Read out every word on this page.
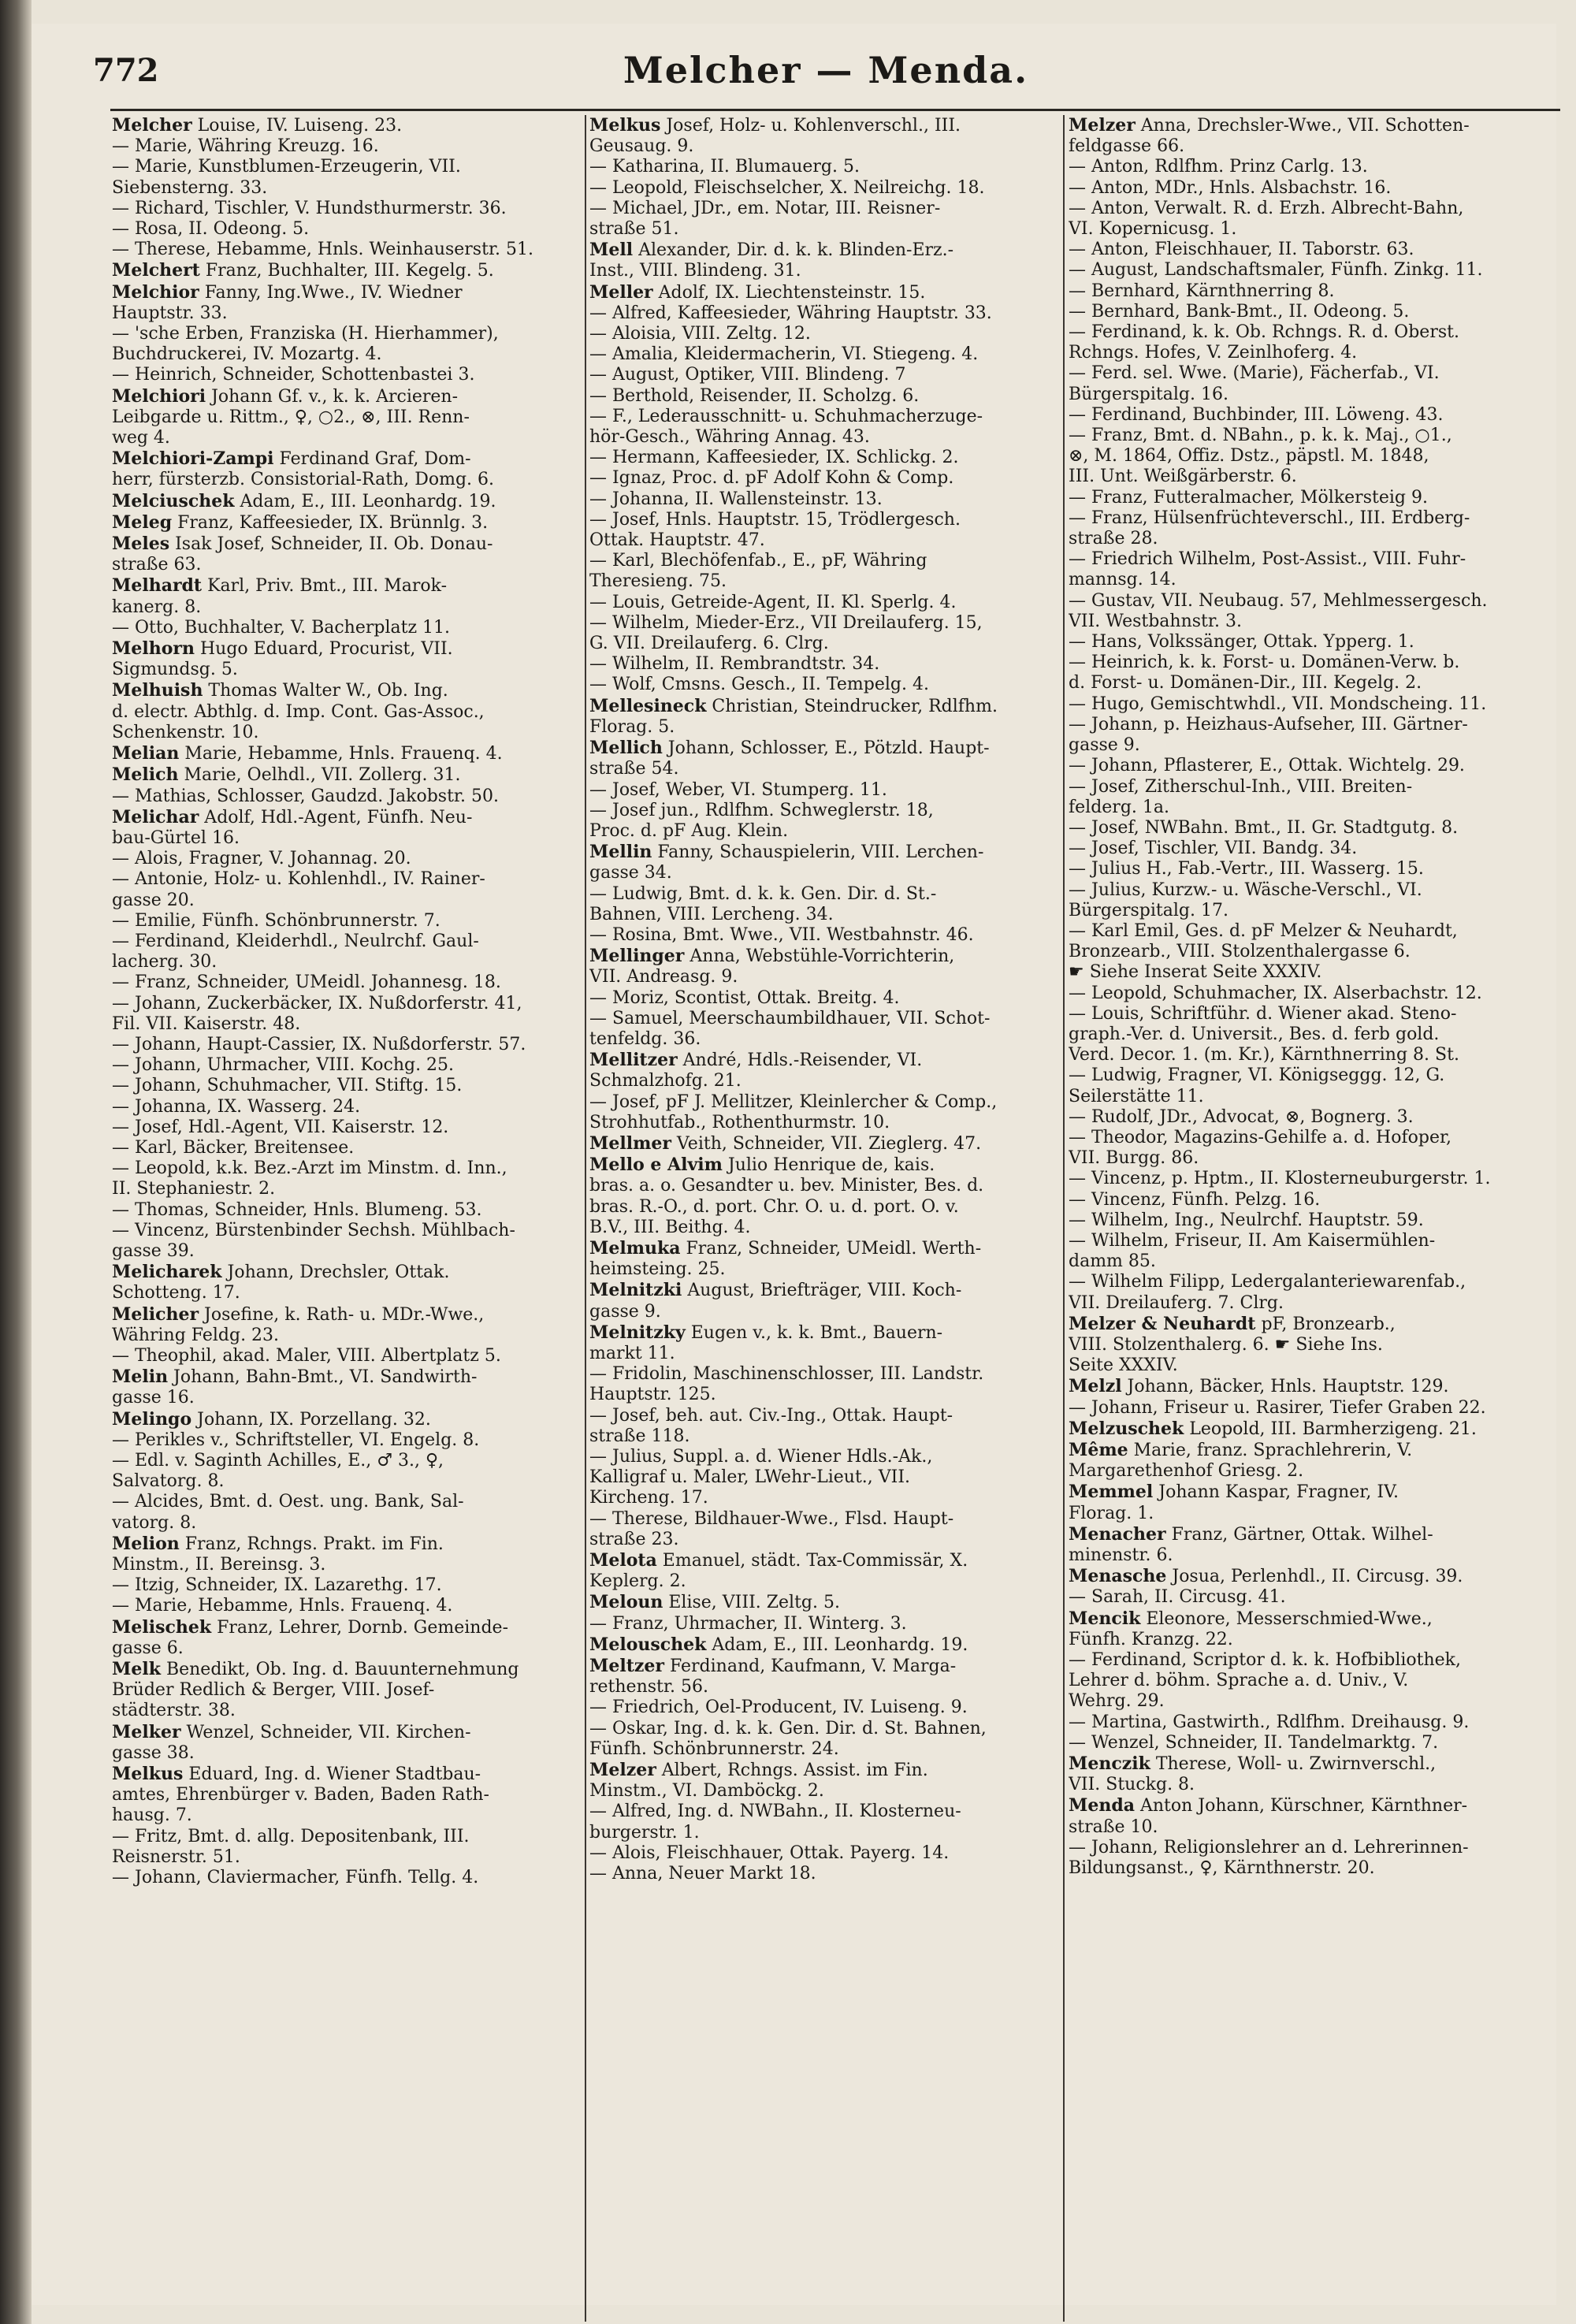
772	Melcher — Menda.
Melcher Louise, IV. Luiseng. 23.
— Marie, Währing Kreuzg. 16.
— Marie, Kunstblumen-Erzeugerin, VII.
Siebensterng. 33.
— Richard, Tischler, V. Hundsthurmerstr. 36.
— Rosa, II. Odeong. 5.
— Therese, Hebamme, Hnls. Weinhauserstr. 51.
Melchert Franz, Buchhalter, III. Kegelg. 5.
Melchior Fanny, Ing.Wwe., IV. Wiedner
Hauptstr. 33.
— 'sche Erben, Franziska (H. Hierhammer),
Buchdruckerei, IV. Mozartg. 4.
— Heinrich, Schneider, Schottenbastei 3.
Melchiori Johann Gf. v., k. k. Arcieren-
Leibgarde u. Rittm., ♀, ○2., ⊗, III. Renn-
weg 4.
Melchiori-Zampi Ferdinand Graf, Dom-
herr, fürsterzb. Consistorial-Rath, Domg. 6.
Melciuschek Adam, E., III. Leonhardg. 19.
Meleg Franz, Kaffeesieder, IX. Brünnlg. 3.
Meles Isak Josef, Schneider, II. Ob. Donau-
straße 63.
Melhardt Karl, Priv. Bmt., III. Marok-
kanerg. 8.
— Otto, Buchhalter, V. Bacherplatz 11.
Melhorn Hugo Eduard, Procurist, VII.
Sigmundsg. 5.
Melhuish Thomas Walter W., Ob. Ing.
d. electr. Abthlg. d. Imp. Cont. Gas-Assoc.,
Schenkenstr. 10.
Melian Marie, Hebamme, Hnls. Frauenq. 4.
Melich Marie, Oelhdl., VII. Zollerg. 31.
— Mathias, Schlosser, Gaudzd. Jakobstr. 50.
Melichar Adolf, Hdl.-Agent, Fünfh. Neu-
bau-Gürtel 16.
— Alois, Fragner, V. Johannag. 20.
— Antonie, Holz- u. Kohlenhdl., IV. Rainer-
gasse 20.
— Emilie, Fünfh. Schönbrunnerstr. 7.
— Ferdinand, Kleiderhdl., Neulrchf. Gaul-
lacherg. 30.
— Franz, Schneider, UMeidl. Johannesg. 18.
— Johann, Zuckerbäcker, IX. Nußdorferstr. 41,
Fil. VII. Kaiserstr. 48.
— Johann, Haupt-Cassier, IX. Nußdorferstr. 57.
— Johann, Uhrmacher, VIII. Kochg. 25.
— Johann, Schuhmacher, VII. Stiftg. 15.
— Johanna, IX. Wasserg. 24.
— Josef, Hdl.-Agent, VII. Kaiserstr. 12.
— Karl, Bäcker, Breitensee.
— Leopold, k.k. Bez.-Arzt im Minstm. d. Inn.,
II. Stephaniestr. 2.
— Thomas, Schneider, Hnls. Blumeng. 53.
— Vincenz, Bürstenbinder Sechsh. Mühlbach-
gasse 39.
Melicharek Johann, Drechsler, Ottak.
Schotteng. 17.
Melicher Josefine, k. Rath- u. MDr.-Wwe.,
Währing Feldg. 23.
— Theophil, akad. Maler, VIII. Albertplatz 5.
Melin Johann, Bahn-Bmt., VI. Sandwirth-
gasse 16.
Melingo Johann, IX. Porzellang. 32.
— Perikles v., Schriftsteller, VI. Engelg. 8.
— Edl. v. Saginth Achilles, E., ♂ 3., ♀,
Salvatorg. 8.
— Alcides, Bmt. d. Oest. ung. Bank, Sal-
vatorg. 8.
Melion Franz, Rchngs. Prakt. im Fin.
Minstm., II. Bereinsg. 3.
— Itzig, Schneider, IX. Lazarethg. 17.
— Marie, Hebamme, Hnls. Frauenq. 4.
Melischek Franz, Lehrer, Dornb. Gemeinde-
gasse 6.
Melk Benedikt, Ob. Ing. d. Bauunternehmung
Brüder Redlich & Berger, VIII. Josef-
städterstr. 38.
Melker Wenzel, Schneider, VII. Kirchen-
gasse 38.
Melkus Eduard, Ing. d. Wiener Stadtbau-
amtes, Ehrenbürger v. Baden, Baden Rath-
hausg. 7.
— Fritz, Bmt. d. allg. Depositenbank, III.
Reisnerstr. 51.
— Johann, Claviermacher, Fünfh. Tellg. 4.
Melkus Josef, Holz- u. Kohlenverschl., III.
Geusaug. 9.
— Katharina, II. Blumauerg. 5.
— Leopold, Fleischselcher, X. Neilreichg. 18.
— Michael, JDr., em. Notar, III. Reisner-
straße 51.
Mell Alexander, Dir. d. k. k. Blinden-Erz.-
Inst., VIII. Blindeng. 31.
Meller Adolf, IX. Liechtensteinstr. 15.
— Alfred, Kaffeesieder, Währing Hauptstr. 33.
— Aloisia, VIII. Zeltg. 12.
— Amalia, Kleidermacherin, VI. Stiegeng. 4.
— August, Optiker, VIII. Blindeng. 7
— Berthold, Reisender, II. Scholzg. 6.
— F., Lederausschnitt- u. Schuhmacherzuge-
hör-Gesch., Währing Annag. 43.
— Hermann, Kaffeesieder, IX. Schlickg. 2.
— Ignaz, Proc. d. pF Adolf Kohn & Comp.
— Johanna, II. Wallensteinstr. 13.
— Josef, Hnls. Hauptstr. 15, Trödlergesch.
Ottak. Hauptstr. 47.
— Karl, Blechöfenfab., E., pF, Währing
Theresieng. 75.
— Louis, Getreide-Agent, II. Kl. Sperlg. 4.
— Wilhelm, Mieder-Erz., VII Dreilauferg. 15,
G. VII. Dreilauferg. 6. Clrg.
— Wilhelm, II. Rembrandtstr. 34.
— Wolf, Cmsns. Gesch., II. Tempelg. 4.
Mellesineck Christian, Steindrucker, Rdlfhm.
Florag. 5.
Mellich Johann, Schlosser, E., Pötzld. Haupt-
straße 54.
— Josef, Weber, VI. Stumperg. 11.
— Josef jun., Rdlfhm. Schweglerstr. 18,
Proc. d. pF Aug. Klein.
Mellin Fanny, Schauspielerin, VIII. Lerchen-
gasse 34.
— Ludwig, Bmt. d. k. k. Gen. Dir. d. St.-
Bahnen, VIII. Lercheng. 34.
— Rosina, Bmt. Wwe., VII. Westbahnstr. 46.
Mellinger Anna, Webstühle-Vorrichterin,
VII. Andreasg. 9.
— Moriz, Scontist, Ottak. Breitg. 4.
— Samuel, Meerschaumbildhauer, VII. Schot-
tenfeldg. 36.
Mellitzer André, Hdls.-Reisender, VI.
Schmalzhofg. 21.
— Josef, pF J. Mellitzer, Kleinlercher & Comp.,
Strohhutfab., Rothenthurmstr. 10.
Mellmer Veith, Schneider, VII. Zieglerg. 47.
Mello e Alvim Julio Henrique de, kais.
bras. a. o. Gesandter u. bev. Minister, Bes. d.
bras. R.-O., d. port. Chr. O. u. d. port. O. v.
B.V., III. Beithg. 4.
Melmuka Franz, Schneider, UMeidl. Werth-
heimsteing. 25.
Melnitzki August, Briefträger, VIII. Koch-
gasse 9.
Melnitzky Eugen v., k. k. Bmt., Bauern-
markt 11.
— Fridolin, Maschinenschlosser, III. Landstr.
Hauptstr. 125.
— Josef, beh. aut. Civ.-Ing., Ottak. Haupt-
straße 118.
— Julius, Suppl. a. d. Wiener Hdls.-Ak.,
Kalligraf u. Maler, LWehr-Lieut., VII.
Kircheng. 17.
— Therese, Bildhauer-Wwe., Flsd. Haupt-
straße 23.
Melota Emanuel, städt. Tax-Commissär, X.
Keplerg. 2.
Meloun Elise, VIII. Zeltg. 5.
— Franz, Uhrmacher, II. Winterg. 3.
Melouschek Adam, E., III. Leonhardg. 19.
Meltzer Ferdinand, Kaufmann, V. Marga-
rethenstr. 56.
— Friedrich, Oel-Producent, IV. Luiseng. 9.
— Oskar, Ing. d. k. k. Gen. Dir. d. St. Bahnen,
Fünfh. Schönbrunnerstr. 24.
Melzer Albert, Rchngs. Assist. im Fin.
Minstm., VI. Damböckg. 2.
— Alfred, Ing. d. NWBahn., II. Klosterneu-
burgerstr. 1.
— Alois, Fleischhauer, Ottak. Payerg. 14.
— Anna, Neuer Markt 18.
Melzer Anna, Drechsler-Wwe., VII. Schotten-
feldgasse 66.
— Anton, Rdlfhm. Prinz Carlg. 13.
— Anton, MDr., Hnls. Alsbachstr. 16.
— Anton, Verwalt. R. d. Erzh. Albrecht-Bahn,
VI. Kopernicusg. 1.
— Anton, Fleischhauer, II. Taborstr. 63.
— August, Landschaftsmaler, Fünfh. Zinkg. 11.
— Bernhard, Kärnthnerring 8.
— Bernhard, Bank-Bmt., II. Odeong. 5.
— Ferdinand, k. k. Ob. Rchngs. R. d. Oberst.
Rchngs. Hofes, V. Zeinlhoferg. 4.
— Ferd. sel. Wwe. (Marie), Fächerfab., VI.
Bürgerspitalg. 16.
— Ferdinand, Buchbinder, III. Löweng. 43.
— Franz, Bmt. d. NBahn., p. k. k. Maj., ○1.,
⊗, M. 1864, Offiz. Dstz., päpstl. M. 1848,
III. Unt. Weißgärberstr. 6.
— Franz, Futteralmacher, Mölkersteig 9.
— Franz, Hülsenfrüchteverschl., III. Erdberg-
straße 28.
— Friedrich Wilhelm, Post-Assist., VIII. Fuhr-
mannsg. 14.
— Gustav, VII. Neubaug. 57, Mehlmessergesch.
VII. Westbahnstr. 3.
— Hans, Volkssänger, Ottak. Ypperg. 1.
— Heinrich, k. k. Forst- u. Domänen-Verw. b.
d. Forst- u. Domänen-Dir., III. Kegelg. 2.
— Hugo, Gemischtwhdl., VII. Mondscheing. 11.
— Johann, p. Heizhaus-Aufseher, III. Gärtner-
gasse 9.
— Johann, Pflasterer, E., Ottak. Wichtelg. 29.
— Josef, Zitherschul-Inh., VIII. Breiten-
felderg. 1a.
— Josef, NWBahn. Bmt., II. Gr. Stadtgutg. 8.
— Josef, Tischler, VII. Bandg. 34.
— Julius H., Fab.-Vertr., III. Wasserg. 15.
— Julius, Kurzw.- u. Wäsche-Verschl., VI.
Bürgerspitalg. 17.
— Karl Emil, Ges. d. pF Melzer & Neuhardt,
Bronzearb., VIII. Stolzenthalergasse 6.
☛ Siehe Inserat Seite XXXIV.
— Leopold, Schuhmacher, IX. Alserbachstr. 12.
— Louis, Schriftführ. d. Wiener akad. Steno-
graph.-Ver. d. Universit., Bes. d. ferb gold.
Verd. Decor. 1. (m. Kr.), Kärnthnerring 8. St.
— Ludwig, Fragner, VI. Königseggg. 12, G.
Seilerstätte 11.
— Rudolf, JDr., Advocat, ⊗, Bognerg. 3.
— Theodor, Magazins-Gehilfe a. d. Hofoper,
VII. Burgg. 86.
— Vincenz, p. Hptm., II. Klosterneuburgerstr. 1.
— Vincenz, Fünfh. Pelzg. 16.
— Wilhelm, Ing., Neulrchf. Hauptstr. 59.
— Wilhelm, Friseur, II. Am Kaisermühlen-
damm 85.
— Wilhelm Filipp, Ledergalanteriewarenfab.,
VII. Dreilauferg. 7. Clrg.
Melzer & Neuhardt pF, Bronzearb.,
VIII. Stolzenthalerg. 6. ☛ Siehe Ins.
Seite XXXIV.
Melzl Johann, Bäcker, Hnls. Hauptstr. 129.
— Johann, Friseur u. Rasirer, Tiefer Graben 22.
Melzuschek Leopold, III. Barmherzigeng. 21.
Même Marie, franz. Sprachlehrerin, V.
Margarethenhof Griesg. 2.
Memmel Johann Kaspar, Fragner, IV.
Florag. 1.
Menacher Franz, Gärtner, Ottak. Wilhel-
minenstr. 6.
Menasche Josua, Perlenhdl., II. Circusg. 39.
— Sarah, II. Circusg. 41.
Mencik Eleonore, Messerschmied-Wwe.,
Fünfh. Kranzg. 22.
— Ferdinand, Scriptor d. k. k. Hofbibliothek,
Lehrer d. böhm. Sprache a. d. Univ., V.
Wehrg. 29.
— Martina, Gastwirth., Rdlfhm. Dreihausg. 9.
— Wenzel, Schneider, II. Tandelmarktg. 7.
Menczik Therese, Woll- u. Zwirnverschl.,
VII. Stuckg. 8.
Menda Anton Johann, Kürschner, Kärnthner-
straße 10.
— Johann, Religionslehrer an d. Lehrerinnen-
Bildungsanst., ♀, Kärnthnerstr. 20.
